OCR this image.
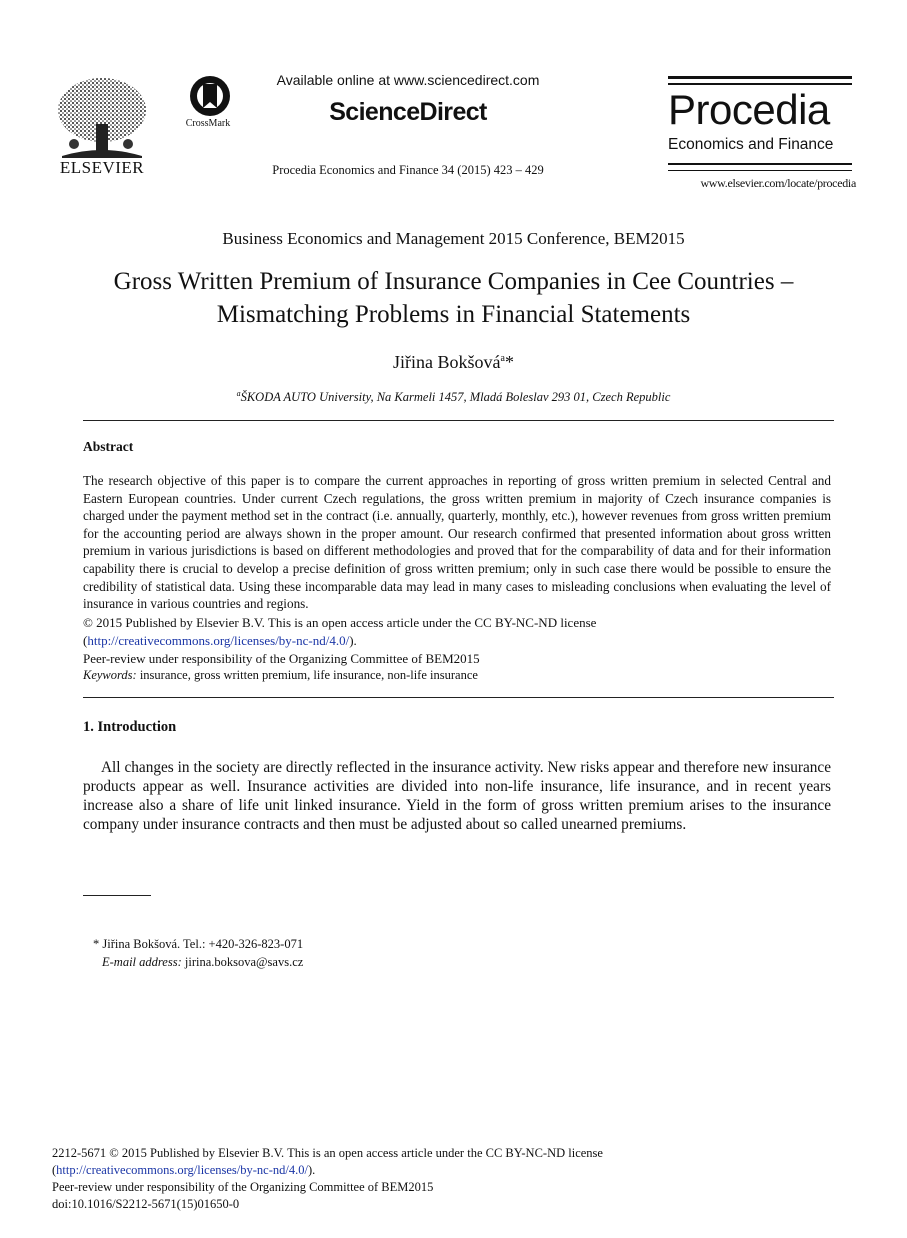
ELSEVIER
CrossMark
Available online at www.sciencedirect.com
ScienceDirect
Procedia Economics and Finance 34 (2015) 423 – 429
Procedia
Economics and Finance
www.elsevier.com/locate/procedia
Business Economics and Management 2015 Conference, BEM2015
Gross Written Premium of Insurance Companies in Cee Countries –
Mismatching Problems in Financial Statements
Jiřina Bokšová$^a$*
$^a$ŠKODA AUTO University, Na Karmeli 1457, Mladá Boleslav 293 01, Czech Republic
Abstract
The research objective of this paper is to compare the current approaches in reporting of gross written premium in selected Central and Eastern European countries. Under current Czech regulations, the gross written premium in majority of Czech insurance companies is charged under the payment method set in the contract (i.e. annually, quarterly, monthly, etc.), however revenues from gross written premium for the accounting period are always shown in the proper amount. Our research confirmed that presented information about gross written premium in various jurisdictions is based on different methodologies and proved that for the comparability of data and for their information capability there is crucial to develop a precise definition of gross written premium; only in such case there would be possible to ensure the credibility of statistical data. Using these incomparable data may lead in many cases to misleading conclusions when evaluating the level of insurance in various countries and regions.
© 2015 Published by Elsevier B.V. This is an open access article under the CC BY-NC-ND license
(http://creativecommons.org/licenses/by-nc-nd/4.0/).
Peer-review under responsibility of the Organizing Committee of BEM2015
Keywords: insurance, gross written premium, life insurance, non-life insurance
1. Introduction
All changes in the society are directly reflected in the insurance activity. New risks appear and therefore new insurance products appear as well. Insurance activities are divided into non-life insurance, life insurance, and in recent years increase also a share of life unit linked insurance. Yield in the form of gross written premium arises to the insurance company under insurance contracts and then must be adjusted about so called unearned premiums.
* Jiřina Bokšová. Tel.: +420-326-823-071
E-mail address: jirina.boksova@savs.cz
2212-5671 © 2015 Published by Elsevier B.V. This is an open access article under the CC BY-NC-ND license
(http://creativecommons.org/licenses/by-nc-nd/4.0/).
Peer-review under responsibility of the Organizing Committee of BEM2015
doi:10.1016/S2212-5671(15)01650-0
